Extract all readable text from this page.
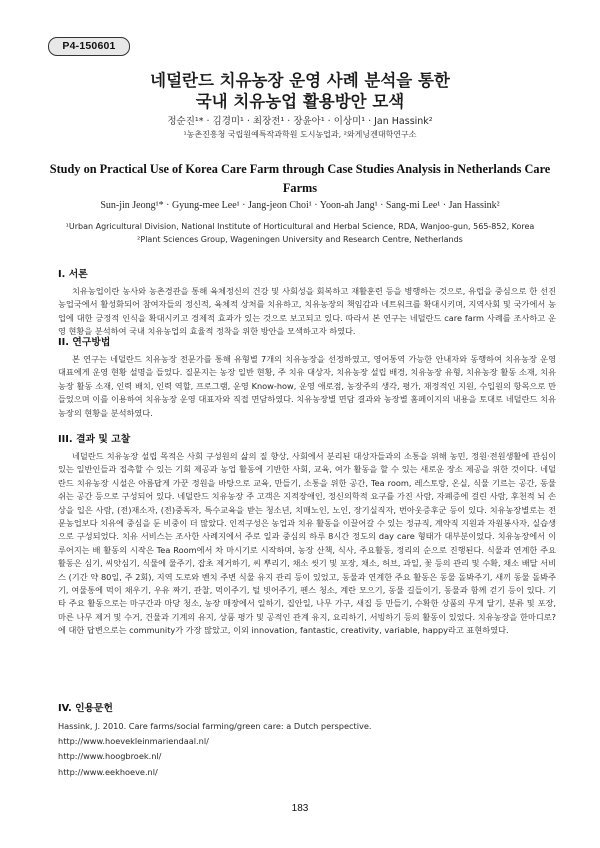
P4-150601
네덜란드 치유농장 운영 사례 분석을 통한
국내 치유농업 활용방안 모색
정순진¹* · 김경미¹ · 최장전¹ · 장윤아¹ · 이상미¹ · Jan Hassink²
¹농촌진흥청 국립원예특작과학원 도시농업과, ²와게닝겐대학연구소
Study on Practical Use of Korea Care Farm through Case Studies Analysis in Netherlands Care Farms
Sun-jin Jeong¹* · Gyung-mee Lee¹ · Jang-jeon Choi¹ · Yoon-ah Jang¹ · Sang-mi Lee¹ · Jan Hassink²
¹Urban Agricultural Division, National Institute of Horticultural and Herbal Science, RDA, Wanjoo-gun, 565-852, Korea
²Plant Sciences Group, Wageningen University and Research Centre, Netherlands
I. 서론
치유농업이란 농사와 농촌경관을 통해 육체정신의 건강 및 사회성을 회복하고 재활훈련 등을 병행하는 것으로, 유럽을 중심으로 한 선진농업국에서 활성화되어 참여자들의 정신적, 육체적 상처를 치유하고, 치유농장의 책임감과 네트워크를 확대시키며, 지역사회 및 국가에서 농업에 대한 긍정적 인식을 확대시키고 경제적 효과가 있는 것으로 보고되고 있다. 따라서 본 연구는 네덜란드 care farm 사례를 조사하고 운영 현황을 분석하여 국내 치유농업의 효율적 정착을 위한 방안을 모색하고자 하였다.
II. 연구방법
본 연구는 네덜란드 치유농장 전문가를 통해 유형별 7개의 치유농장을 선정하였고, 영어통역 가능한 안내자와 동행하여 치유농장 운영 대표에게 운영 현황 설명을 들었다. 질문지는 농장 일반 현황, 주 치유 대상자, 치유농장 설립 배경, 치유농장 유형, 치유농장 활동 소재, 치유농장 활동 소재, 인력 배치, 인력 역할, 프로그램, 운영 Know-how, 운영 애로점, 농장주의 생각, 평가, 재정적인 지원, 수입원의 항목으로 만들었으며 이를 이용하여 치유농장 운영 대표자와 직접 면담하였다. 치유농장별 면담 결과와 농장별 홈페이지의 내용을 토대로 네덜란드 치유농장의 현황을 분석하였다.
III. 결과 및 고찰
네덜란드 치유농장 설립 목적은 사회 구성원의 삶의 질 향상, 사회에서 분리된 대상자들과의 소통을 위해 농민, 정원·전원생활에 관심이 있는 일반인들과 접촉할 수 있는 기회 제공과 농업 활동에 기반한 사회, 교육, 여가 활동을 할 수 있는 새로운 장소 제공을 위한 것이다. 네덜란드 치유농장 시설은 아름답게 가꾼 정원을 바탕으로 교육, 만들기, 소통을 위한 공간, Tea room, 레스토랑, 온실, 식물 기르는 공간, 동물 쉬는 공간 등으로 구성되어 있다. 네덜란드 치유농장 주 고객은 지적장애인, 정신의학적 요구를 가진 사람, 자폐증에 걸린 사람, 후천적 뇌 손상을 입은 사람, (전)재소자, (전)중독자, 특수교육을 받는 청소년, 치매노인, 노인, 장기실직자, 번아웃증후군 등이 있다. 치유농장별로는 전문농업보다 치유에 중심을 둔 비중이 더 많았다. 인적구성은 농업과 치유 활동을 이끌어갈 수 있는 정규직, 계약직 지원과 자원봉사자, 실습생으로 구성되었다. 치유 서비스는 조사한 사례지에서 주로 일과 중심의 하루 8시간 정도의 day care 형태가 대부분이었다. 치유농장에서 이루어지는 배 활동의 시작은 Tea Room에서 차 마시기로 시작하며, 농장 산책, 식사, 주요활동, 정리의 순으로 진행된다. 식물과 연계한 주요 활동은 심기, 씨앗심기, 식물에 물주기, 잡초 제거하기, 씨 뿌리기, 채소 씻기 및 포장, 채소, 허브, 과일, 꽃 등의 관리 및 수확, 채소 배달 서비스 (기간 약 80일, 주 2회), 지역 도로와 벤치 주변 식물 유지 관리 등이 있었고, 동물과 연계한 주요 활동은 동물 돌봐주기, 새끼 동물 돌봐주기, 여물통에 먹이 채우기, 우유 짜기, 관찰, 먹이주기, 털 빗어주기, 펜스 청소, 계란 모으기, 동물 길들이기, 동물과 함께 걷기 등이 있다. 기타 주요 활동으로는 마구간과 마당 청소, 농장 매장에서 일하기, 집안일, 나무 가구, 새집 등 만들기, 수확한 상품의 무게 달기, 분류 및 포장, 마른 나무 제거 및 수거, 건물과 기계의 유지, 상품 평가 및 공적인 관계 유지, 요리하기, 서빙하기 등의 활동이 있었다. 치유농장을 한마디로? 에 대한 답변으로는 community가 가장 많았고, 이외 innovation, fantastic, creativity, variable, happy라고 표현하였다.
IV. 인용문헌
Hassink, J. 2010. Care farms/social farming/green care: a Dutch perspective.
http://www.hoevekleinmariendaal.nl/
http://www.hoogbroek.nl/
http://www.eekhoeve.nl/
183
